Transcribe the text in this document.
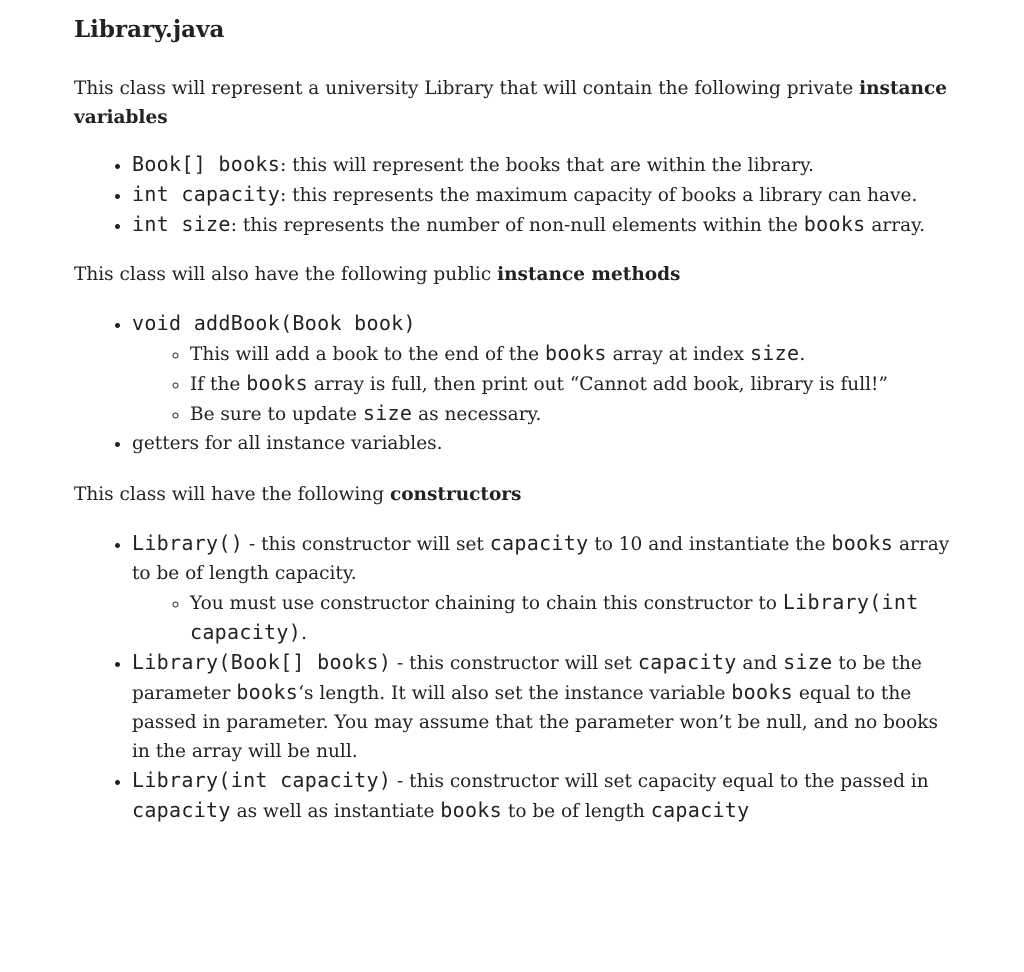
Library.java

This class will represent a university Library that will contain the following private instance variables

• Book[] books: this will represent the books that are within the library.
• int capacity: this represents the maximum capacity of books a library can have.
• int size: this represents the number of non-null elements within the books array.

This class will also have the following public instance methods

• void addBook(Book book)
◦ This will add a book to the end of the books array at index size.
◦ If the books array is full, then print out “Cannot add book, library is full!”
◦ Be sure to update size as necessary.
• getters for all instance variables.

This class will have the following constructors

• Library() - this constructor will set capacity to 10 and instantiate the books array to be of length capacity.
◦ You must use constructor chaining to chain this constructor to Library(int capacity).
• Library(Book[] books) - this constructor will set capacity and size to be the parameter books‘s length. It will also set the instance variable books equal to the passed in parameter. You may assume that the parameter won’t be null, and no books in the array will be null.
• Library(int capacity) - this constructor will set capacity equal to the passed in capacity as well as instantiate books to be of length capacity
